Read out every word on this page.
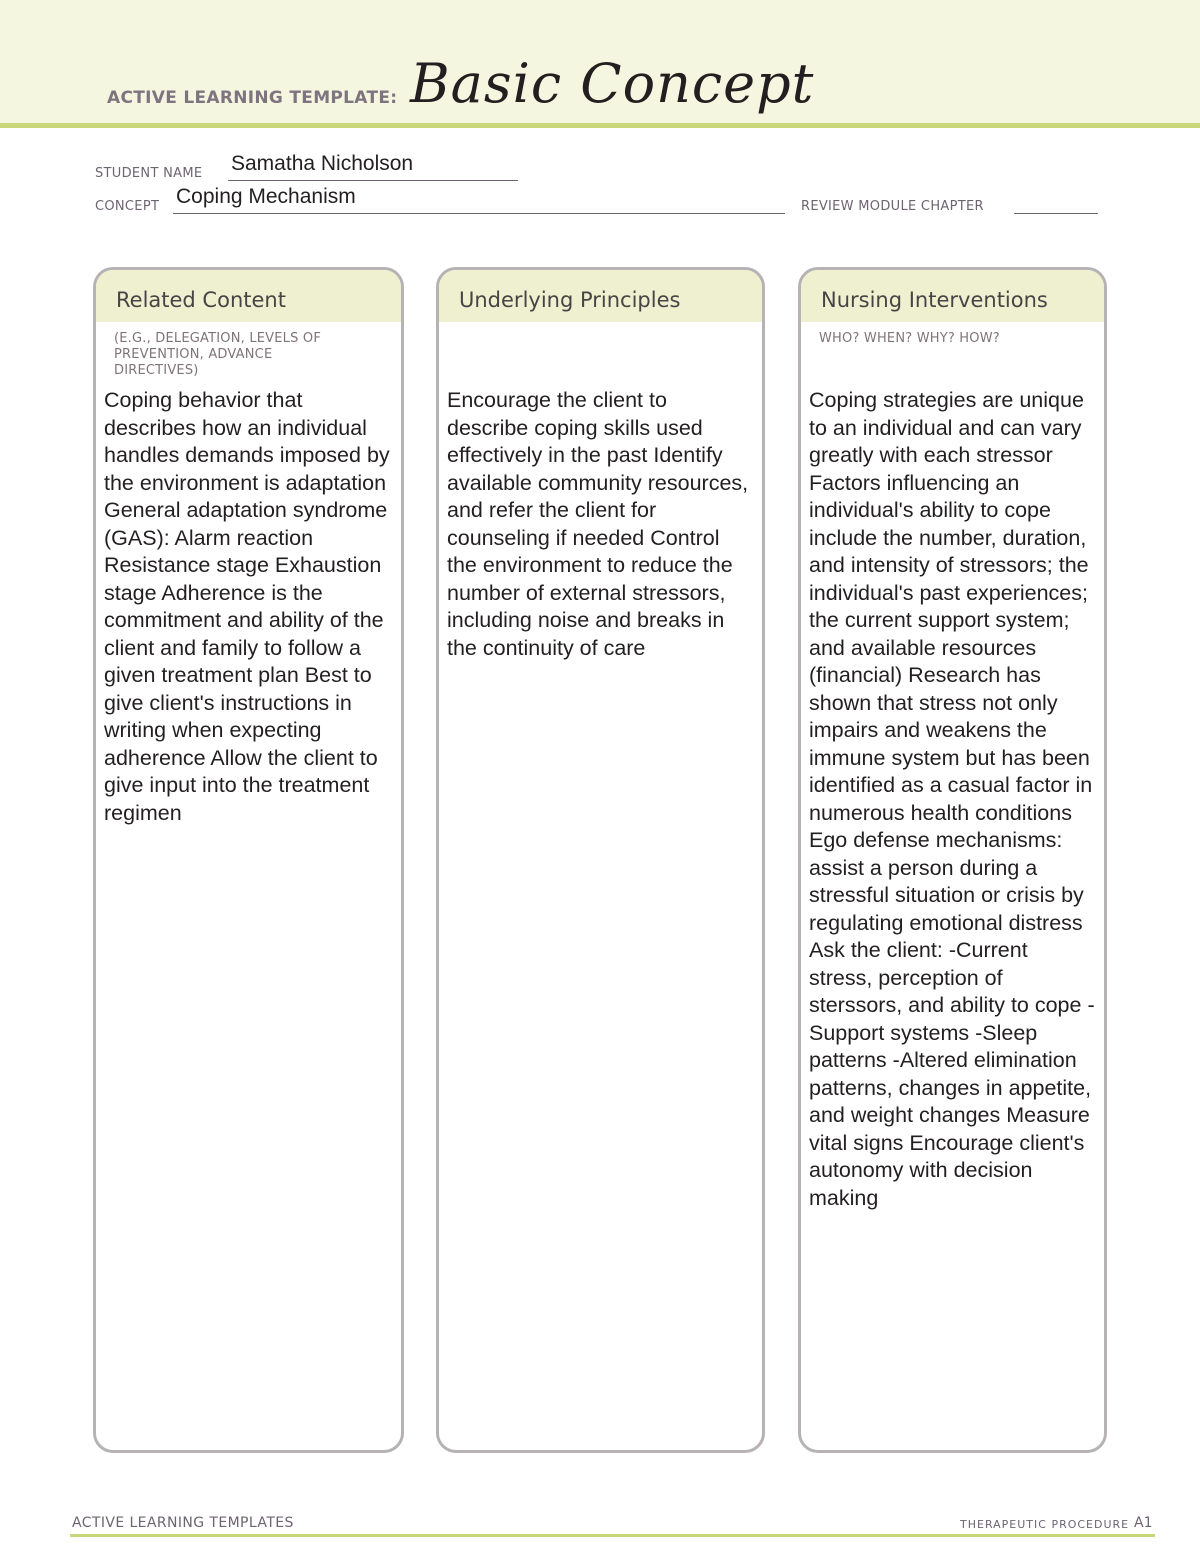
ACTIVE LEARNING TEMPLATE: Basic Concept
STUDENT NAME Samatha Nicholson
CONCEPT Coping Mechanism	REVIEW MODULE CHAPTER
Related Content
(E.G., DELEGATION, LEVELS OF PREVENTION, ADVANCE DIRECTIVES)
Coping behavior that describes how an individual handles demands imposed by the environment is adaptation General adaptation syndrome (GAS): Alarm reaction Resistance stage Exhaustion stage Adherence is the commitment and ability of the client and family to follow a given treatment plan Best to give client's instructions in writing when expecting adherence Allow the client to give input into the treatment regimen
Underlying Principles
Encourage the client to describe coping skills used effectively in the past Identify available community resources, and refer the client for counseling if needed Control the environment to reduce the number of external stressors, including noise and breaks in the continuity of care
Nursing Interventions
WHO? WHEN? WHY? HOW?
Coping strategies are unique to an individual and can vary greatly with each stressor Factors influencing an individual's ability to cope include the number, duration, and intensity of stressors; the individual's past experiences; the current support system; and available resources (financial) Research has shown that stress not only impairs and weakens the immune system but has been identified as a casual factor in numerous health conditions Ego defense mechanisms: assist a person during a stressful situation or crisis by regulating emotional distress Ask the client: -Current stress, perception of sterssors, and ability to cope -Support systems -Sleep patterns -Altered elimination patterns, changes in appetite, and weight changes Measure vital signs Encourage client's autonomy with decision making
ACTIVE LEARNING TEMPLATES	THERAPEUTIC PROCEDURE A1
